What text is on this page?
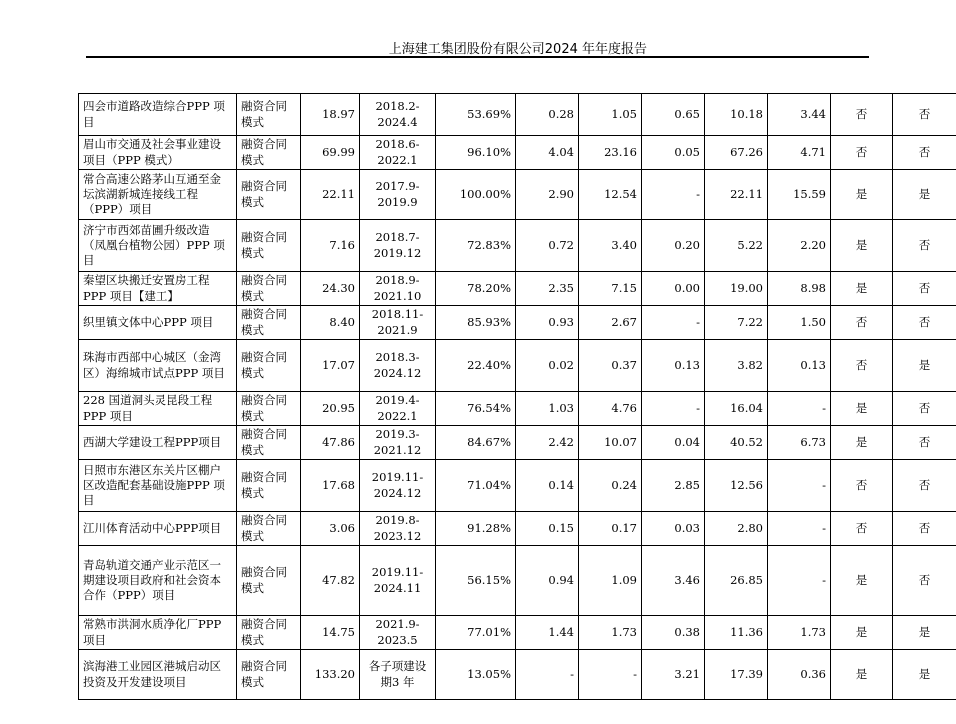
上海建工集团股份有限公司2024 年年度报告
四会市道路改造综合PPP 项目	融资合同模式	18.97	2018.2-2024.4	53.69%	0.28	1.05	0.65	10.18	3.44	否	否
眉山市交通及社会事业建设项目（PPP 模式）	融资合同模式	69.99	2018.6-2022.1	96.10%	4.04	23.16	0.05	67.26	4.71	否	否
常合高速公路茅山互通至金坛滨湖新城连接线工程（PPP）项目	融资合同模式	22.11	2017.9-2019.9	100.00%	2.90	12.54	-	22.11	15.59	是	是
济宁市西郊苗圃升级改造（凤凰台植物公园）PPP 项目	融资合同模式	7.16	2018.7-2019.12	72.83%	0.72	3.40	0.20	5.22	2.20	是	否
秦望区块搬迁安置房工程PPP 项目【建工】	融资合同模式	24.30	2018.9-2021.10	78.20%	2.35	7.15	0.00	19.00	8.98	是	否
织里镇文体中心PPP 项目	融资合同模式	8.40	2018.11-2021.9	85.93%	0.93	2.67	-	7.22	1.50	否	否
珠海市西部中心城区（金湾区）海绵城市试点PPP 项目	融资合同模式	17.07	2018.3-2024.12	22.40%	0.02	0.37	0.13	3.82	0.13	否	是
228 国道洞头灵昆段工程PPP 项目	融资合同模式	20.95	2019.4-2022.1	76.54%	1.03	4.76	-	16.04	-	是	否
西湖大学建设工程PPP项目	融资合同模式	47.86	2019.3-2021.12	84.67%	2.42	10.07	0.04	40.52	6.73	是	否
日照市东港区东关片区棚户区改造配套基础设施PPP 项目	融资合同模式	17.68	2019.11-2024.12	71.04%	0.14	0.24	2.85	12.56	-	否	否
江川体育活动中心PPP项目	融资合同模式	3.06	2019.8-2023.12	91.28%	0.15	0.17	0.03	2.80	-	否	否
青岛轨道交通产业示范区一期建设项目政府和社会资本合作（PPP）项目	融资合同模式	47.82	2019.11-2024.11	56.15%	0.94	1.09	3.46	26.85	-	是	否
常熟市洪洞水质净化厂PPP 项目	融资合同模式	14.75	2021.9-2023.5	77.01%	1.44	1.73	0.38	11.36	1.73	是	是
滨海港工业园区港城启动区投资及开发建设项目	融资合同模式	133.20	各子项建设期3 年	13.05%	-	-	3.21	17.39	0.36	是	是
